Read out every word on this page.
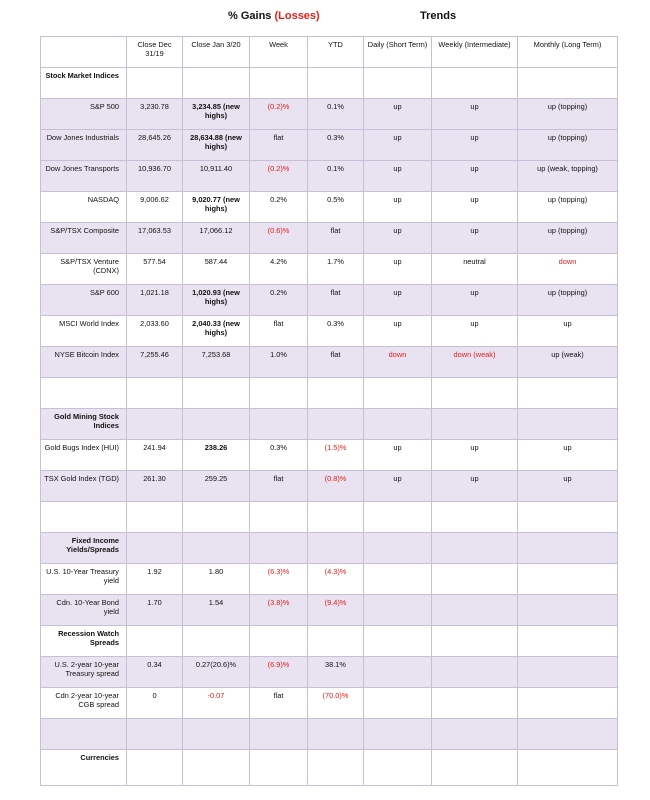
% Gains (Losses)	Trends
	Close Dec 31/19	Close Jan 3/20	Week	YTD	Daily (Short Term)	Weekly (Intermediate)	Monthly (Long Term)
Stock Market Indices							
S&P 500	3,230.78	3,234.85 (new highs)	(0.2)%	0.1%	up	up	up (topping)
Dow Jones Industrials	28,645.26	28,634.88 (new highs)	flat	0.3%	up	up	up (topping)
Dow Jones Transports	10,936.70	10,911.40	(0.2)%	0.1%	up	up	up (weak, topping)
NASDAQ	9,006.62	9,020.77 (new highs)	0.2%	0.5%	up	up	up (topping)
S&P/TSX Composite	17,063.53	17,066.12	(0.6)%	flat	up	up	up (topping)
S&P/TSX Venture (CDNX)	577.54	587.44	4.2%	1.7%	up	neutral	down
S&P 600	1,021.18	1,020.93 (new highs)	0.2%	flat	up	up	up (topping)
MSCI World Index	2,033.60	2,040.33 (new highs)	flat	0.3%	up	up	up
NYSE Bitcoin Index	7,255.46	7,253.68	1.0%	flat	down	down (weak)	up (weak)

Gold Mining Stock Indices							
Gold Bugs Index (HUI)	241.94	238.26	0.3%	(1.5)%	up	up	up
TSX Gold Index (TGD)	261.30	259.25	flat	(0.8)%	up	up	up

Fixed Income Yields/Spreads							
U.S. 10-Year Treasury yield	1.92	1.80	(6.3)%	(4.3)%			
Cdn. 10-Year Bond yield	1.70	1.54	(3.8)%	(9.4)%			
Recession Watch Spreads							
U.S. 2-year 10-year Treasury spread	0.34	0.27(20.6)%	(6.9)%	38.1%			
Cdn 2-year 10-year CGB spread	0	-0.07	flat	(70.0)%			

Currencies							
